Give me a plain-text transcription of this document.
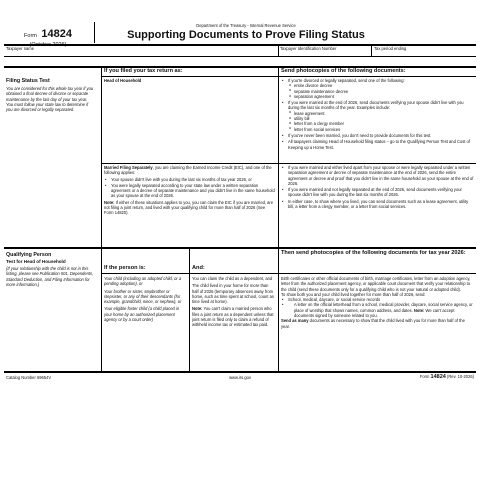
Form 14824
(October 2026)
Department of the Treasury - Internal Revenue Service
Supporting Documents to Prove Filing Status
Taxpayer name	Taxpayer Identification Number	Tax period ending
If you filed your tax return as:	Send photocopies of the following documents:
Filing Status Test
You are considered for this whole tax year if you obtained a final decree of divorce or separate maintenance by the last day of your tax year. You must follow your state law to determine if you are divorced or legally separated.
Head of Household
•	If you're divorced or legally separated, send one of the following:
o entire divorce decree
o separate maintenance decree
o separation agreement
• If you were married at the end of 2026, send documents verifying your spouse didn't live with you during the last six months of the year. Examples include:
o lease agreement
o utility bill
o letter from a clergy member
o letter from social services
• If you've never been married, you don't need to provide documents for this test.
• All taxpayers claiming Head of Household filing status – go to the Qualifying Person Test and Cost of Keeping up a Home Test.
Married Filing Separately, you are claiming the Earned Income Credit (EIC), and one of the following applies:
• Your spouse didn't live with you during the last six months of tax year 2026, or
• You were legally separated according to your state law under a written separation agreement or a decree of separate maintenance and you didn't live in the same household as your spouse at the end of 2026.
Note: If either of these situations applies to you, you can claim the EIC if you are married, are not filing a joint return, and lived with your qualifying child for more than half of 2026 (See Form 14820).
• If you were married and either lived apart from your spouse or were legally separated under a written separation agreement or decree of separate maintenance at the end of 2026, send the entire agreement or decree and proof that you didn't live in the same household as your spouse at the end of 2026.
• If you were married and not legally separated at the end of 2026, send documents verifying your spouse didn't live with you during the last six months of 2026.
• In either case, to show where you lived, you can send documents such as a lease agreement, utility bill, a letter from a clergy member, or a letter from social services.
If the person is:	And:
Then send photocopies of the following documents for tax year 2026:
Qualifying Person
Test for Head of Household
(If your relationship with the child is not in this listing, please see Publication 501, Dependents, Standard Deduction, and Filing Information for more information.)
Your child (including an adopted child, or a pending adoption), or
Your brother or sister, stepbrother or stepsister, or any of their descendants (for example, grandchild, niece, or nephew), or
Your eligible foster child (a child placed in your home by an authorized placement agency or by a court order)
You can claim the child as a dependent, and
The child lived in your home for more than half of 2026 (temporary absences away from home, such as time spent at school, count as time lived at home).
Note: You can't claim a married person who files a joint return as a dependent unless that joint return is filed only to claim a refund of withheld income tax or estimated tax paid.
Birth certificates or other official documents of birth, marriage certificates, letter from an adoption agency, letter from the authorized placement agency, or applicable court document that verify your relationship to the child (send these documents only for a qualifying child who is not your natural or adopted child).
To show both you and your child lived together for more than half of 2026, send:
• School, medical, daycare, or social service records
• A letter on the official letterhead from a school, medical provider, daycare, social service agency, or place of worship that shows names, common address, and dates. Note: We can't accept documents signed by someone related to you.
Send as many documents as necessary to show that the child lived with you for more than half of the year.
Catalog Number 69654V	www.irs.gov	Form 14824 (Rev. 10-2026)
